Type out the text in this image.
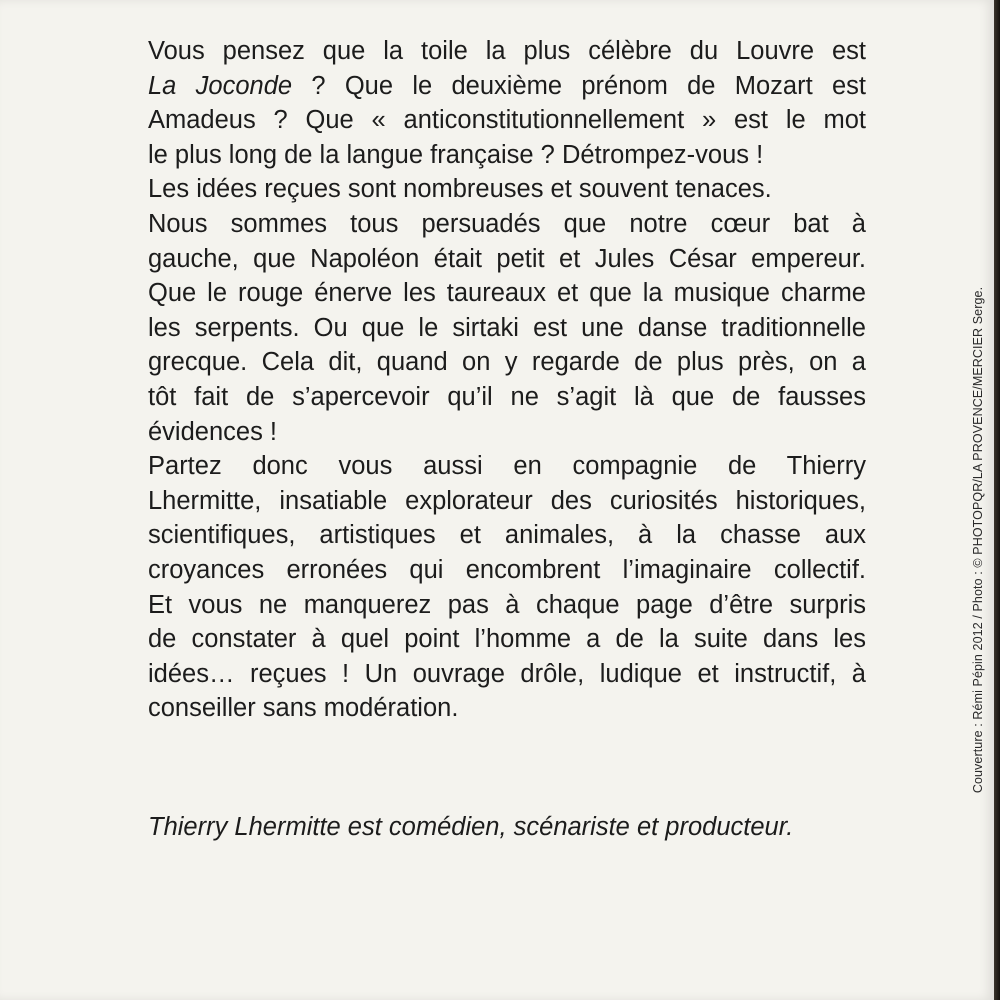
Vous pensez que la toile la plus célèbre du Louvre est
La Joconde ? Que le deuxième prénom de Mozart est
Amadeus ? Que « anticonstitutionnellement » est le mot
le plus long de la langue française ? Détrompez-vous !
Les idées reçues sont nombreuses et souvent tenaces.
Nous sommes tous persuadés que notre cœur bat à
gauche, que Napoléon était petit et Jules César empereur.
Que le rouge énerve les taureaux et que la musique charme
les serpents. Ou que le sirtaki est une danse traditionnelle
grecque. Cela dit, quand on y regarde de plus près, on a
tôt fait de s’apercevoir qu’il ne s’agit là que de fausses
évidences !
Partez donc vous aussi en compagnie de Thierry
Lhermitte, insatiable explorateur des curiosités historiques,
scientifiques, artistiques et animales, à la chasse aux
croyances erronées qui encombrent l’imaginaire collectif.
Et vous ne manquerez pas à chaque page d’être surpris
de constater à quel point l’homme a de la suite dans les
idées… reçues ! Un ouvrage drôle, ludique et instructif, à
conseiller sans modération.

Thierry Lhermitte est comédien, scénariste et producteur.

Couverture : Rémi Pépin 2012 / Photo : © PHOTOPQR/LA PROVENCE/MERCIER Serge.
